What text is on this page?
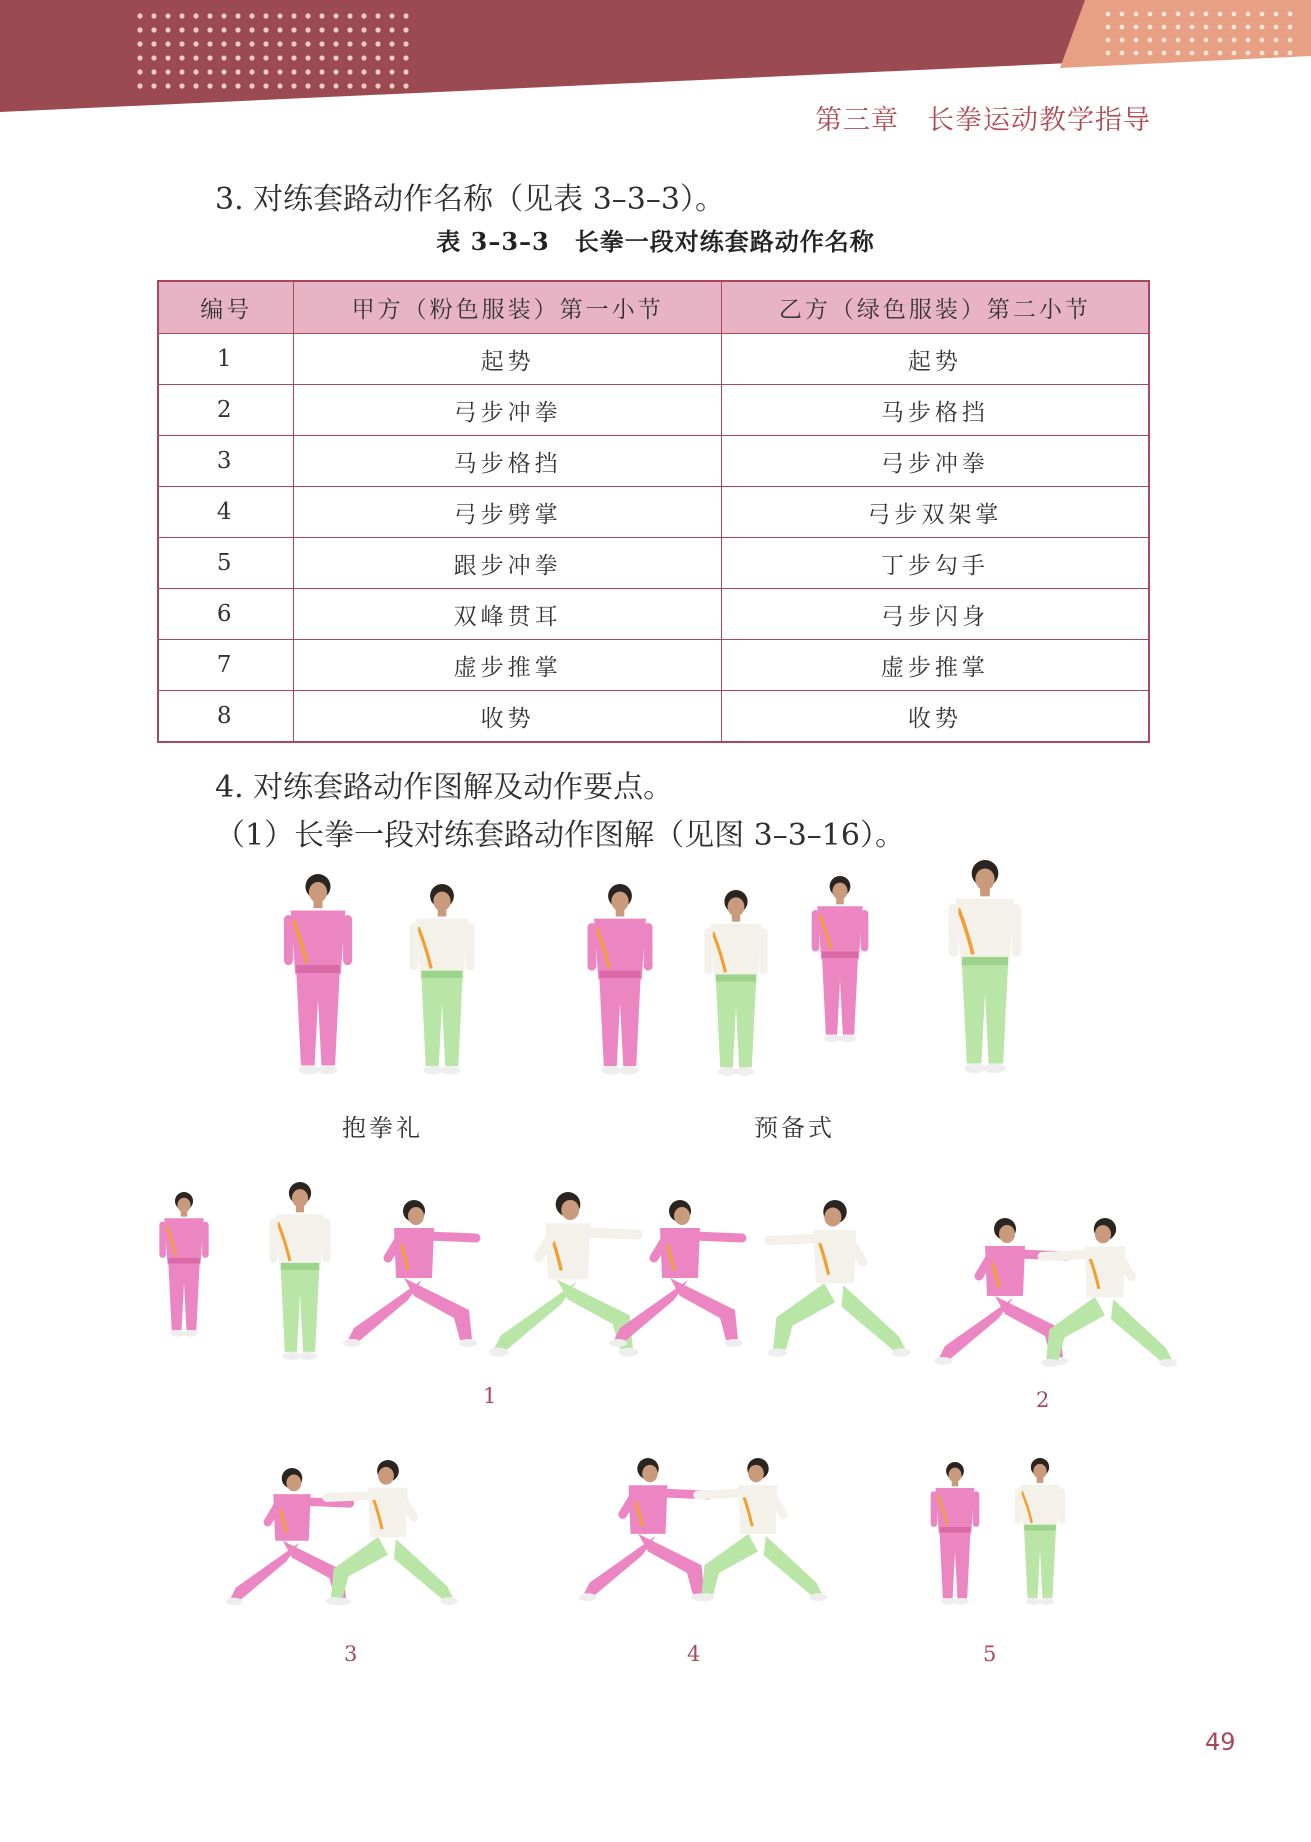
第三章　长拳运动教学指导
3. 对练套路动作名称（见表 3–3–3）。
表 3–3–3　长拳一段对练套路动作名称
编号	甲方（粉色服装）第一小节	乙方（绿色服装）第二小节
1	起势	起势
2	弓步冲拳	马步格挡
3	马步格挡	弓步冲拳
4	弓步劈掌	弓步双架掌
5	跟步冲拳	丁步勾手
6	双峰贯耳	弓步闪身
7	虚步推掌	虚步推掌
8	收势	收势
4. 对练套路动作图解及动作要点。
（1）长拳一段对练套路动作图解（见图 3–3–16）。
抱拳礼	预备式
1	2
3	4	5
49
